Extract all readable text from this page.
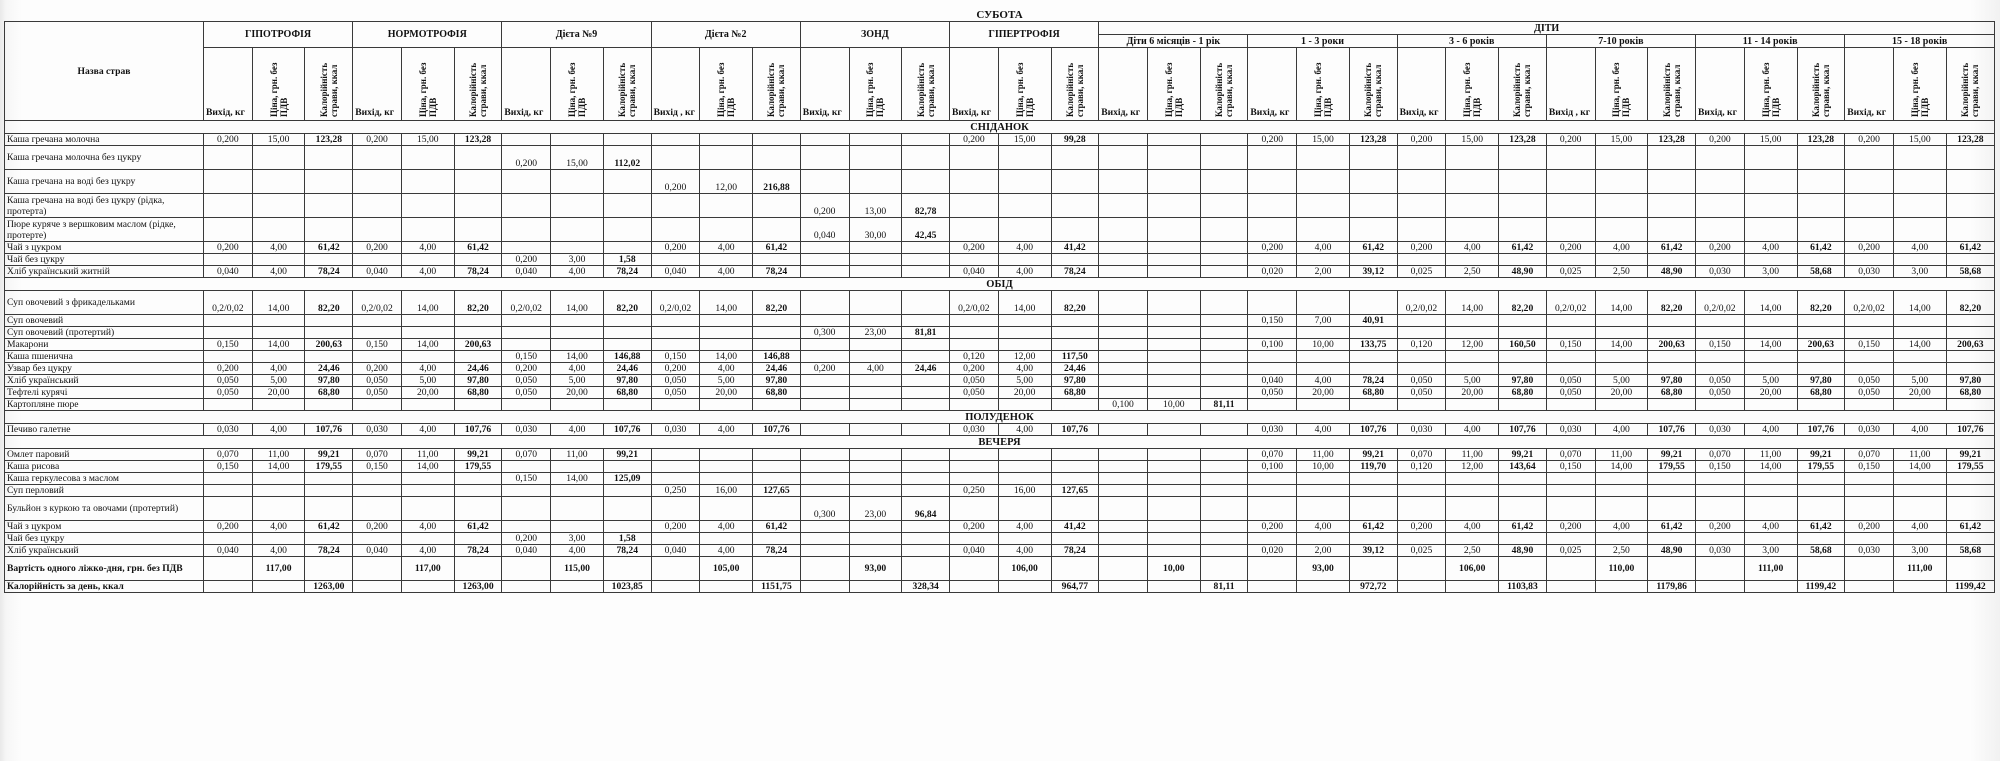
СУБОТА																																				
Назва страв	ГІПОТРОФІЯ			НОРМОТРОФІЯ			Дієта №9			Дієта №2			ЗОНД			ГІПЕРТРОФІЯ			ДІТИ																	
																			Діти 6 місяців - 1 рік			1 - 3 роки			3 - 6 років			7-10 років			11 - 14 років			15 - 18 років		
	Вихід, кг	Ціна, грн. без ПДВ	Калорійність страви, ккал	Вихід, кг	Ціна, грн. без ПДВ	Калорійність страви, ккал	Вихід, кг	Ціна, грн. без ПДВ	Калорійність страви, ккал	Вихід , кг	Ціна, грн. без ПДВ	Калорійність страви, ккал	Вихід, кг	Ціна, грн. без ПДВ	Калорійність страви, ккал	Вихід, кг	Ціна, грн. без ПДВ	Калорійність страви, ккал	Вихід, кг	Ціна, грн. без ПДВ	Калорійність страви, ккал	Вихід, кг	Ціна, грн. без ПДВ	Калорійність страви, ккал	Вихід, кг	Ціна, грн. без ПДВ	Калорійність страви, ккал	Вихід , кг	Ціна, грн. без ПДВ	Калорійність страви, ккал	Вихід, кг	Ціна, грн. без ПДВ	Калорійність страви, ккал	Вихід, кг	Ціна, грн. без ПДВ	Калорійність страви, ккал

СНІДАНОК																																				
Каша гречана молочна	0,200	15,00	123,28	0,200	15,00	123,28										0,200	15,00	99,28				0,200	15,00	123,28	0,200	15,00	123,28	0,200	15,00	123,28	0,200	15,00	123,28	0,200	15,00	123,28
Каша гречана молочна без цукру							0,200	15,00	112,02																											
Каша гречана на воді без цукру										0,200	12,00	216,88																								
Каша гречана на воді без цукру (рідка, протерта)													0,200	13,00	82,78																					
Пюре куряче з вершковим маслом (рідке, протерте)													0,040	30,00	42,45																					
Чай з цукром	0,200	4,00	61,42	0,200	4,00	61,42				0,200	4,00	61,42				0,200	4,00	41,42				0,200	4,00	61,42	0,200	4,00	61,42	0,200	4,00	61,42	0,200	4,00	61,42	0,200	4,00	61,42
Чай без цукру							0,200	3,00	1,58																											
Хліб український житній	0,040	4,00	78,24	0,040	4,00	78,24	0,040	4,00	78,24	0,040	4,00	78,24				0,040	4,00	78,24				0,020	2,00	39,12	0,025	2,50	48,90	0,025	2,50	48,90	0,030	3,00	58,68	0,030	3,00	58,68
ОБІД																																				
Суп овочевий з фрикадельками	0,2/0,02	14,00	82,20	0,2/0,02	14,00	82,20	0,2/0,02	14,00	82,20	0,2/0,02	14,00	82,20				0,2/0,02	14,00	82,20							0,2/0,02	14,00	82,20	0,2/0,02	14,00	82,20	0,2/0,02	14,00	82,20	0,2/0,02	14,00	82,20
Суп овочевий																						0,150	7,00	40,91												
Суп овочевий (протертий)													0,300	23,00	81,81																					
Макарони	0,150	14,00	200,63	0,150	14,00	200,63																0,100	10,00	133,75	0,120	12,00	160,50	0,150	14,00	200,63	0,150	14,00	200,63	0,150	14,00	200,63
Каша пшенична							0,150	14,00	146,88	0,150	14,00	146,88				0,120	12,00	117,50																		
Узвар без цукру	0,200	4,00	24,46	0,200	4,00	24,46	0,200	4,00	24,46	0,200	4,00	24,46	0,200	4,00	24,46	0,200	4,00	24,46																		
Хліб український	0,050	5,00	97,80	0,050	5,00	97,80	0,050	5,00	97,80	0,050	5,00	97,80				0,050	5,00	97,80				0,040	4,00	78,24	0,050	5,00	97,80	0,050	5,00	97,80	0,050	5,00	97,80	0,050	5,00	97,80
Тефтелі курячі	0,050	20,00	68,80	0,050	20,00	68,80	0,050	20,00	68,80	0,050	20,00	68,80				0,050	20,00	68,80				0,050	20,00	68,80	0,050	20,00	68,80	0,050	20,00	68,80	0,050	20,00	68,80	0,050	20,00	68,80
Картопляне пюре																			0,100	10,00	81,11															
ПОЛУДЕНОК																																				
Печиво галетне	0,030	4,00	107,76	0,030	4,00	107,76	0,030	4,00	107,76	0,030	4,00	107,76				0,030	4,00	107,76				0,030	4,00	107,76	0,030	4,00	107,76	0,030	4,00	107,76	0,030	4,00	107,76	0,030	4,00	107,76
ВЕЧЕРЯ																																				
Омлет паровий	0,070	11,00	99,21	0,070	11,00	99,21	0,070	11,00	99,21													0,070	11,00	99,21	0,070	11,00	99,21	0,070	11,00	99,21	0,070	11,00	99,21	0,070	11,00	99,21
Каша рисова	0,150	14,00	179,55	0,150	14,00	179,55																0,100	10,00	119,70	0,120	12,00	143,64	0,150	14,00	179,55	0,150	14,00	179,55	0,150	14,00	179,55
Каша геркулесова з маслом							0,150	14,00	125,09																											
Суп перловий										0,250	16,00	127,65				0,250	16,00	127,65																		
Бульйон з куркою та овочами (протертий)													0,300	23,00	96,84																					
Чай з цукром	0,200	4,00	61,42	0,200	4,00	61,42				0,200	4,00	61,42				0,200	4,00	41,42				0,200	4,00	61,42	0,200	4,00	61,42	0,200	4,00	61,42	0,200	4,00	61,42	0,200	4,00	61,42
Чай без цукру							0,200	3,00	1,58																											
Хліб український	0,040	4,00	78,24	0,040	4,00	78,24	0,040	4,00	78,24	0,040	4,00	78,24				0,040	4,00	78,24				0,020	2,00	39,12	0,025	2,50	48,90	0,025	2,50	48,90	0,030	3,00	58,68	0,030	3,00	58,68
Вартість одного ліжко-дня, грн. без ПДВ		117,00			117,00			115,00			105,00			93,00			106,00			10,00			93,00			106,00			110,00			111,00			111,00	
Калорійність за день, ккал			1263,00			1263,00			1023,85			1151,75			328,34			964,77			81,11			972,72			1103,83			1179,86			1199,42			1199,42
